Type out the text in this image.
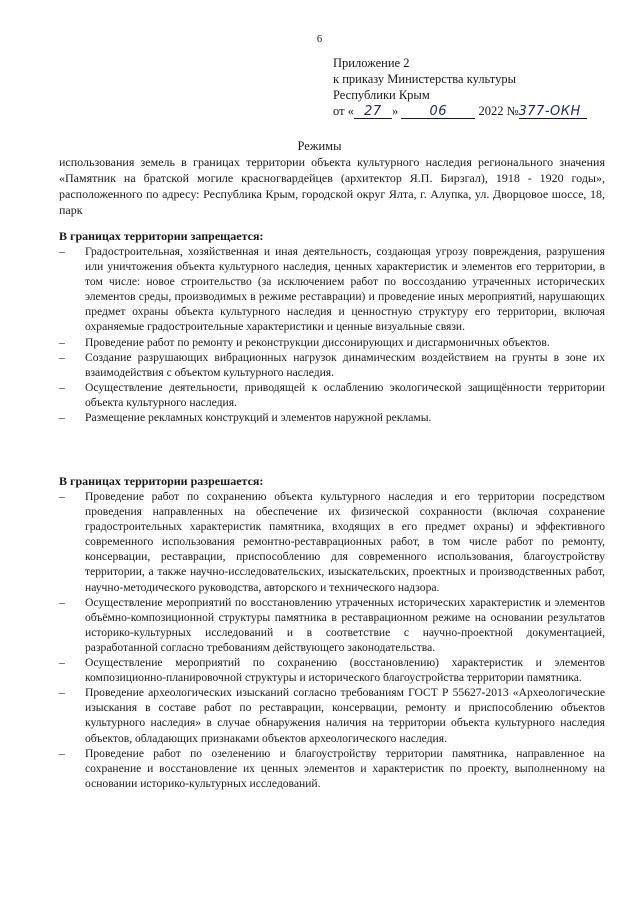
6
Приложение 2
к приказу Министерства культуры
Республики Крым
от « 27 » 06	2022 №377-ОКН
Режимы
использования земель в границах территории объекта культурного наследия регионального значения «Памятник на братской могиле красногвардейцев (архитектор Я.П. Бирзгал), 1918 - 1920 годы», расположенного по адресу: Республика Крым, городской округ Ялта, г. Алупка, ул. Дворцовое шоссе, 18, парк
В границах территории запрещается:
– Градостроительная, хозяйственная и иная деятельность, создающая угрозу повреждения, разрушения или уничтожения объекта культурного наследия, ценных характеристик и элементов его территории, в том числе: новое строительство (за исключением работ по воссозданию утраченных исторических элементов среды, производимых в режиме реставрации) и проведение иных мероприятий, нарушающих предмет охраны объекта культурного наследия и ценностную структуру его территории, включая охраняемые градостроительные характеристики и ценные визуальные связи.
– Проведение работ по ремонту и реконструкции диссонирующих и дисгармоничных объектов.
– Создание разрушающих вибрационных нагрузок динамическим воздействием на грунты в зоне их взаимодействия с объектом культурного наследия.
– Осуществление деятельности, приводящей к ослаблению экологической защищённости территории объекта культурного наследия.
– Размещение рекламных конструкций и элементов наружной рекламы.
В границах территории разрешается:
– Проведение работ по сохранению объекта культурного наследия и его территории посредством проведения направленных на обеспечение их физической сохранности (включая сохранение градостроительных характеристик памятника, входящих в его предмет охраны) и эффективного современного использования ремонтно-реставрационных работ, в том числе работ по ремонту, консервации, реставрации, приспособлению для современного использования, благоустройству территории, а также научно-исследовательских, изыскательских, проектных и производственных работ, научно-методического руководства, авторского и технического надзора.
– Осуществление мероприятий по восстановлению утраченных исторических характеристик и элементов объёмно-композиционной структуры памятника в реставрационном режиме на основании результатов историко-культурных исследований и в соответствие с научно-проектной документацией, разработанной согласно требованиям действующего законодательства.
– Осуществление мероприятий по сохранению (восстановлению) характеристик и элементов композиционно-планировочной структуры и исторического благоустройства территории памятника.
– Проведение археологических изысканий согласно требованиям ГОСТ Р 55627-2013 «Археологические изыскания в составе работ по реставрации, консервации, ремонту и приспособлению объектов культурного наследия» в случае обнаружения наличия на территории объекта культурного наследия объектов, обладающих признаками объектов археологического наследия.
– Проведение работ по озеленению и благоустройству территории памятника, направленное на сохранение и восстановление их ценных элементов и характеристик по проекту, выполненному на основании историко-культурных исследований.
